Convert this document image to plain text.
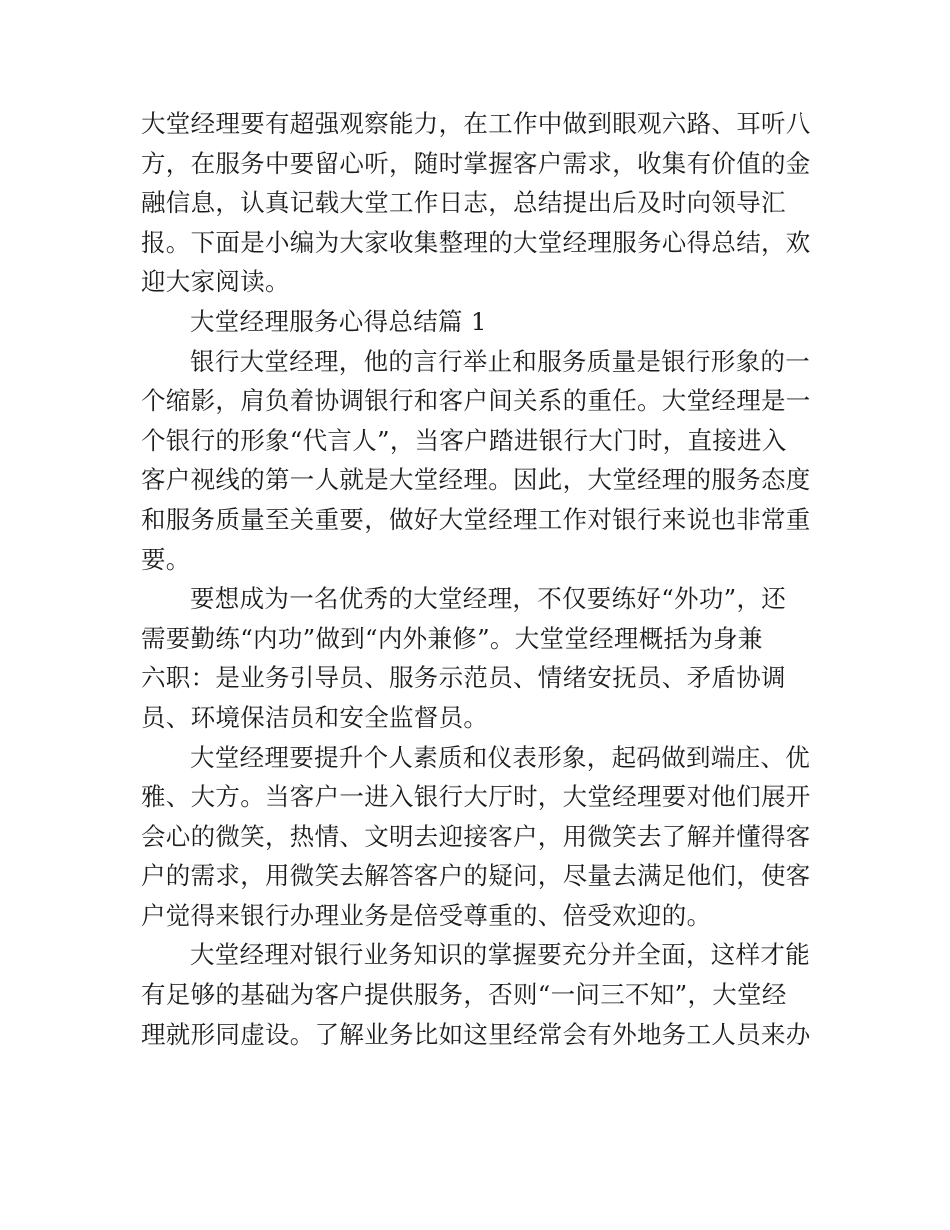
大堂经理要有超强观察能力，在工作中做到眼观六路、耳听八
方，在服务中要留心听，随时掌握客户需求，收集有价值的金
融信息，认真记载大堂工作日志，总结提出后及时向领导汇
报。下面是小编为大家收集整理的大堂经理服务心得总结，欢
迎大家阅读。
大堂经理服务心得总结篇 1
银行大堂经理，他的言行举止和服务质量是银行形象的一
个缩影，肩负着协调银行和客户间关系的重任。大堂经理是一
个银行的形象“代言人”，当客户踏进银行大门时，直接进入
客户视线的第一人就是大堂经理。因此，大堂经理的服务态度
和服务质量至关重要，做好大堂经理工作对银行来说也非常重
要。
要想成为一名优秀的大堂经理，不仅要练好“外功”，还
需要勤练“内功”做到“内外兼修”。大堂堂经理概括为身兼
六职：是业务引导员、服务示范员、情绪安抚员、矛盾协调
员、环境保洁员和安全监督员。
大堂经理要提升个人素质和仪表形象，起码做到端庄、优
雅、大方。当客户一进入银行大厅时，大堂经理要对他们展开
会心的微笑，热情、文明去迎接客户，用微笑去了解并懂得客
户的需求，用微笑去解答客户的疑问，尽量去满足他们，使客
户觉得来银行办理业务是倍受尊重的、倍受欢迎的。
大堂经理对银行业务知识的掌握要充分并全面，这样才能
有足够的基础为客户提供服务，否则“一问三不知”，大堂经
理就形同虚设。了解业务比如这里经常会有外地务工人员来办
